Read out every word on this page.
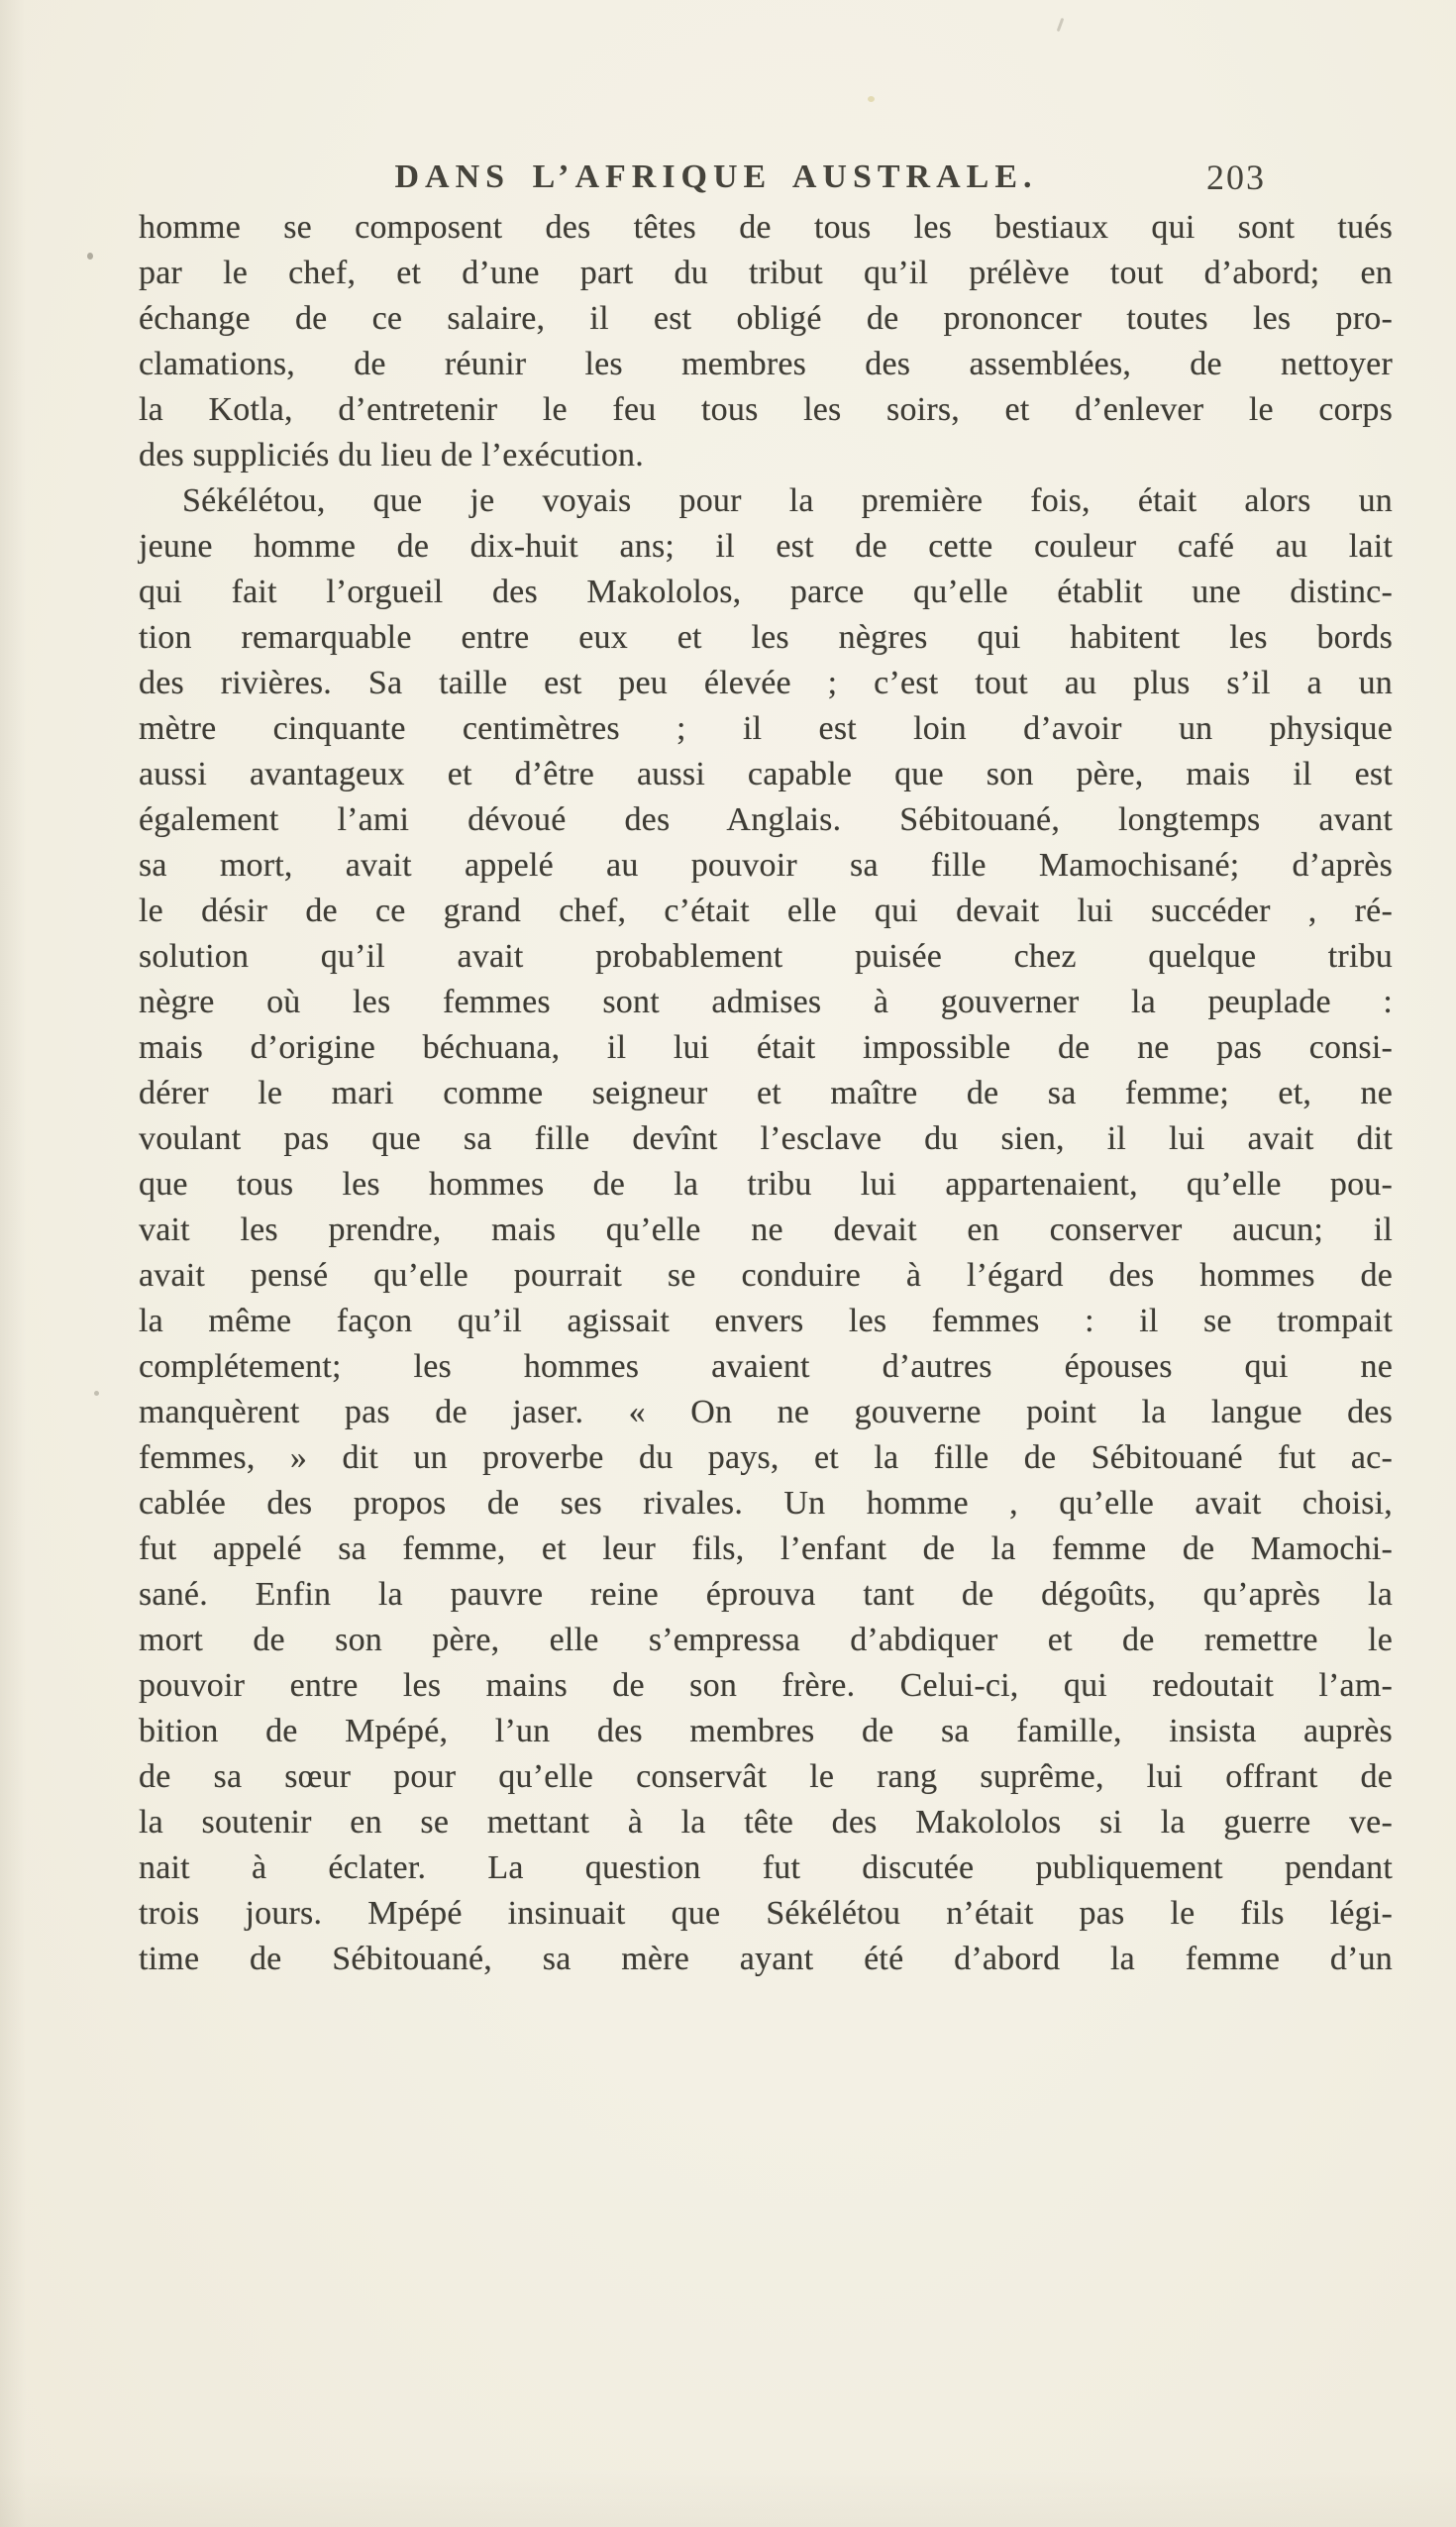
DANS L’AFRIQUE AUSTRALE.	203
homme se composent des têtes de tous les bestiaux qui sont tués
par le chef, et d’une part du tribut qu’il prélève tout d’abord; en
échange de ce salaire, il est obligé de prononcer toutes les pro-
clamations, de réunir les membres des assemblées, de nettoyer
la Kotla, d’entretenir le feu tous les soirs, et d’enlever le corps
des suppliciés du lieu de l’exécution.
Sékélétou, que je voyais pour la première fois, était alors un
jeune homme de dix-huit ans; il est de cette couleur café au lait
qui fait l’orgueil des Makololos, parce qu’elle établit une distinc-
tion remarquable entre eux et les nègres qui habitent les bords
des rivières. Sa taille est peu élevée ; c’est tout au plus s’il a un
mètre cinquante centimètres ; il est loin d’avoir un physique
aussi avantageux et d’être aussi capable que son père, mais il est
également l’ami dévoué des Anglais. Sébitouané, longtemps avant
sa mort, avait appelé au pouvoir sa fille Mamochisané; d’après
le désir de ce grand chef, c’était elle qui devait lui succéder , ré-
solution qu’il avait probablement puisée chez quelque tribu
nègre où les femmes sont admises à gouverner la peuplade :
mais d’origine béchuana, il lui était impossible de ne pas consi-
dérer le mari comme seigneur et maître de sa femme; et, ne
voulant pas que sa fille devînt l’esclave du sien, il lui avait dit
que tous les hommes de la tribu lui appartenaient, qu’elle pou-
vait les prendre, mais qu’elle ne devait en conserver aucun; il
avait pensé qu’elle pourrait se conduire à l’égard des hommes de
la même façon qu’il agissait envers les femmes : il se trompait
complétement; les hommes avaient d’autres épouses qui ne
manquèrent pas de jaser. « On ne gouverne point la langue des
femmes, » dit un proverbe du pays, et la fille de Sébitouané fut ac-
cablée des propos de ses rivales. Un homme , qu’elle avait choisi,
fut appelé sa femme, et leur fils, l’enfant de la femme de Mamochi-
sané. Enfin la pauvre reine éprouva tant de dégoûts, qu’après la
mort de son père, elle s’empressa d’abdiquer et de remettre le
pouvoir entre les mains de son frère. Celui-ci, qui redoutait l’am-
bition de Mpépé, l’un des membres de sa famille, insista auprès
de sa sœur pour qu’elle conservât le rang suprême, lui offrant de
la soutenir en se mettant à la tête des Makololos si la guerre ve-
nait à éclater. La question fut discutée publiquement pendant
trois jours. Mpépé insinuait que Sékélétou n’était pas le fils légi-
time de Sébitouané, sa mère ayant été d’abord la femme d’un
